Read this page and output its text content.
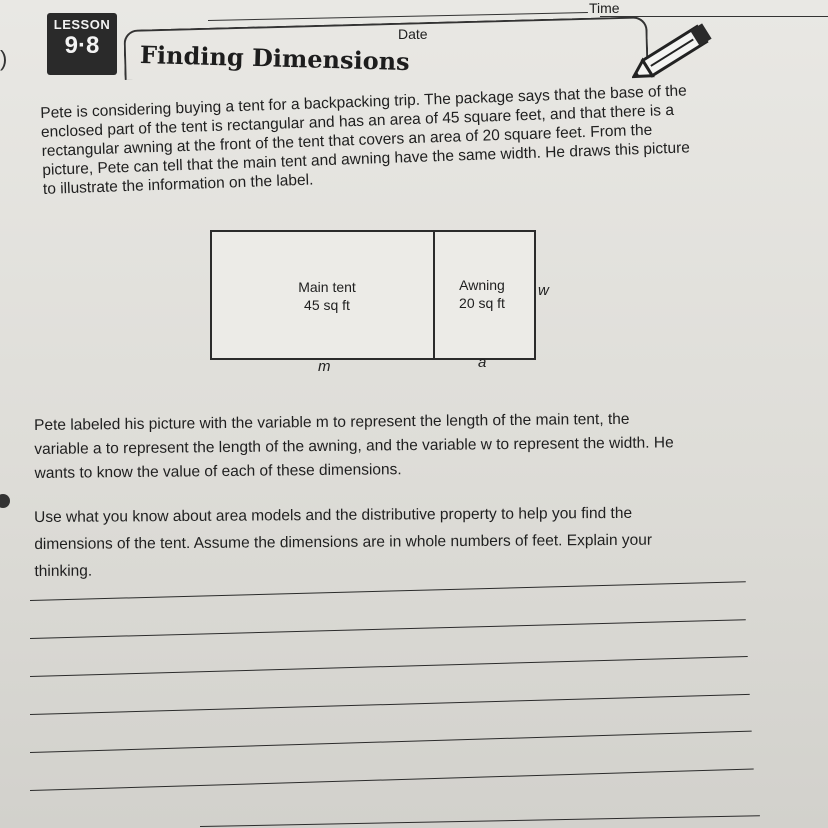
Time
Date
)
LESSON
9·8	Finding Dimensions

Pete is considering buying a tent for a backpacking trip. The package says that the base of the enclosed part of the tent is rectangular and has an area of 45 square feet, and that there is a rectangular awning at the front of the tent that covers an area of 20 square feet. From the picture, Pete can tell that the main tent and awning have the same width. He draws this picture to illustrate the information on the label.

Main tent
45 sq ft
Awning
20 sq ft
w
m	a

Pete labeled his picture with the variable m to represent the length of the main tent, the variable a to represent the length of the awning, and the variable w to represent the width. He wants to know the value of each of these dimensions.

Use what you know about area models and the distributive property to help you find the dimensions of the tent. Assume the dimensions are in whole numbers of feet. Explain your thinking.
